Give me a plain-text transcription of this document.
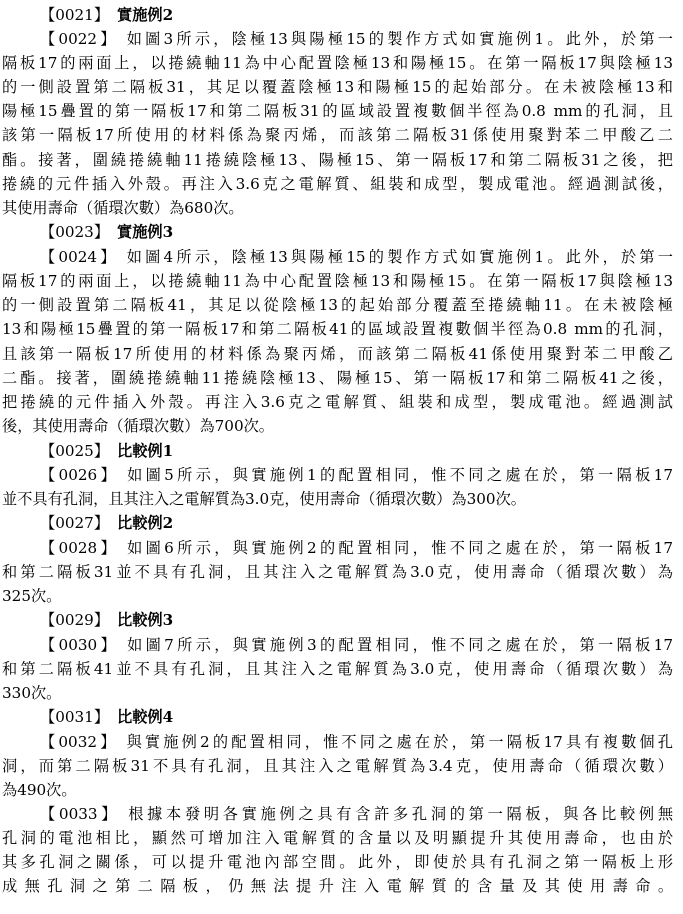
【0021】 實施例2
【0022】 如圖3所示，陰極13與陽極15的製作方式如實施例1。此外，於第一
隔板17的兩面上，以捲繞軸11為中心配置陰極13和陽極15。在第一隔板17與陰極13
的一側設置第二隔板31，其足以覆蓋陰極13和陽極15的起始部分。在未被陰極13和
陽極15疊置的第一隔板17和第二隔板31的區域設置複數個半徑為0.8 mm的孔洞，且
該第一隔板17所使用的材料係為聚丙烯，而該第二隔板31係使用聚對苯二甲酸乙二
酯。接著，圍繞捲繞軸11捲繞陰極13、陽極15、第一隔板17和第二隔板31之後，把
捲繞的元件插入外殼。再注入3.6克之電解質、組裝和成型，製成電池。經過測試後，
其使用壽命（循環次數）為680次。
【0023】 實施例3
【0024】 如圖4所示，陰極13與陽極15的製作方式如實施例1。此外，於第一
隔板17的兩面上，以捲繞軸11為中心配置陰極13和陽極15。在第一隔板17與陰極13
的一側設置第二隔板41，其足以從陰極13的起始部分覆蓋至捲繞軸11。在未被陰極
13和陽極15疊置的第一隔板17和第二隔板41的區域設置複數個半徑為0.8 mm的孔洞，
且該第一隔板17所使用的材料係為聚丙烯，而該第二隔板41係使用聚對苯二甲酸乙
二酯。接著，圍繞捲繞軸11捲繞陰極13、陽極15、第一隔板17和第二隔板41之後，
把捲繞的元件插入外殼。再注入3.6克之電解質、組裝和成型，製成電池。經過測試
後，其使用壽命（循環次數）為700次。
【0025】 比較例1
【0026】 如圖5所示，與實施例1的配置相同，惟不同之處在於，第一隔板17
並不具有孔洞，且其注入之電解質為3.0克，使用壽命（循環次數）為300次。
【0027】 比較例2
【0028】 如圖6所示，與實施例2的配置相同，惟不同之處在於，第一隔板17
和第二隔板31並不具有孔洞，且其注入之電解質為3.0克，使用壽命（循環次數）為
325次。
【0029】 比較例3
【0030】 如圖7所示，與實施例3的配置相同，惟不同之處在於，第一隔板17
和第二隔板41並不具有孔洞，且其注入之電解質為3.0克，使用壽命（循環次數）為
330次。
【0031】 比較例4
【0032】 與實施例2的配置相同，惟不同之處在於，第一隔板17具有複數個孔
洞，而第二隔板31不具有孔洞，且其注入之電解質為3.4克，使用壽命（循環次數）
為490次。
【0033】 根據本發明各實施例之具有含許多孔洞的第一隔板，與各比較例無
孔洞的電池相比，顯然可增加注入電解質的含量以及明顯提升其使用壽命，也由於
其多孔洞之關係，可以提升電池內部空間。此外，即使於具有孔洞之第一隔板上形
成無孔洞之第二隔板，仍無法提升注入電解質的含量及其使用壽命。
